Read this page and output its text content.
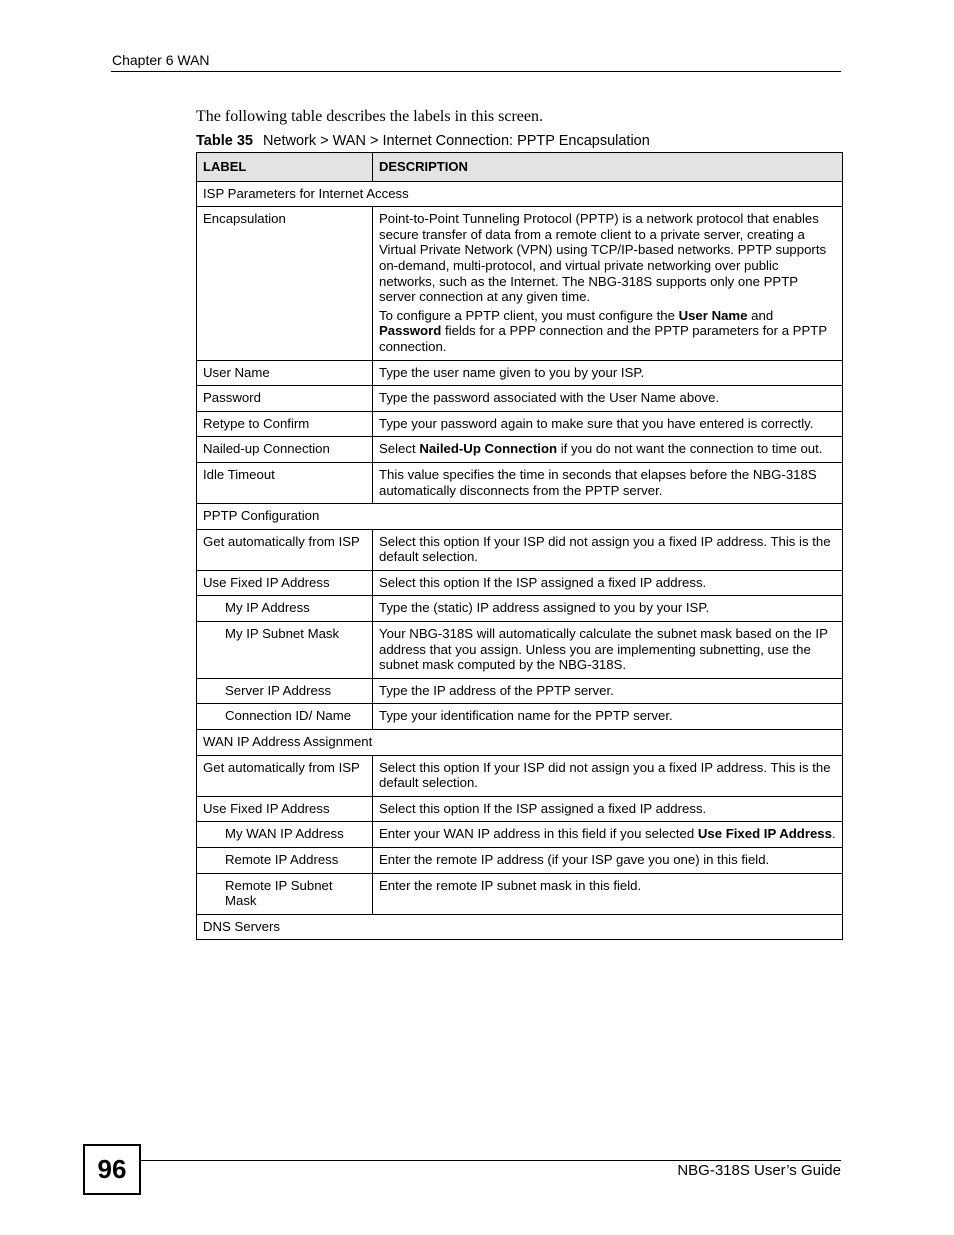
Chapter 6 WAN
The following table describes the labels in this screen.
Table 35 Network > WAN > Internet Connection: PPTP Encapsulation
LABEL	DESCRIPTION
ISP Parameters for Internet Access	
Encapsulation	Point-to-Point Tunneling Protocol (PPTP) is a network protocol that enables secure transfer of data from a remote client to a private server, creating a Virtual Private Network (VPN) using TCP/IP-based networks. PPTP supports on-demand, multi-protocol, and virtual private networking over public networks, such as the Internet. The NBG-318S supports only one PPTP server connection at any given time.

To configure a PPTP client, you must configure the User Name and Password fields for a PPP connection and the PPTP parameters for a PPTP connection.

User Name	Type the user name given to you by your ISP.
Password	Type the password associated with the User Name above.
Retype to Confirm	Type your password again to make sure that you have entered is correctly.
Nailed-up Connection	Select Nailed-Up Connection if you do not want the connection to time out.
Idle Timeout	This value specifies the time in seconds that elapses before the NBG-318S automatically disconnects from the PPTP server.
PPTP Configuration	
Get automatically from ISP	Select this option If your ISP did not assign you a fixed IP address. This is the default selection.
Use Fixed IP Address	Select this option If the ISP assigned a fixed IP address.
My IP Address	Type the (static) IP address assigned to you by your ISP.
My IP Subnet Mask	Your NBG-318S will automatically calculate the subnet mask based on the IP address that you assign. Unless you are implementing subnetting, use the subnet mask computed by the NBG-318S.
Server IP Address	Type the IP address of the PPTP server.
Connection ID/ Name	Type your identification name for the PPTP server.
WAN IP Address Assignment	
Get automatically from ISP	Select this option If your ISP did not assign you a fixed IP address. This is the default selection.
Use Fixed IP Address	Select this option If the ISP assigned a fixed IP address.
My WAN IP Address	Enter your WAN IP address in this field if you selected Use Fixed IP Address.
Remote IP Address	Enter the remote IP address (if your ISP gave you one) in this field.
Remote IP Subnet Mask	Enter the remote IP subnet mask in this field.
DNS Servers	
96	NBG-318S User’s Guide
